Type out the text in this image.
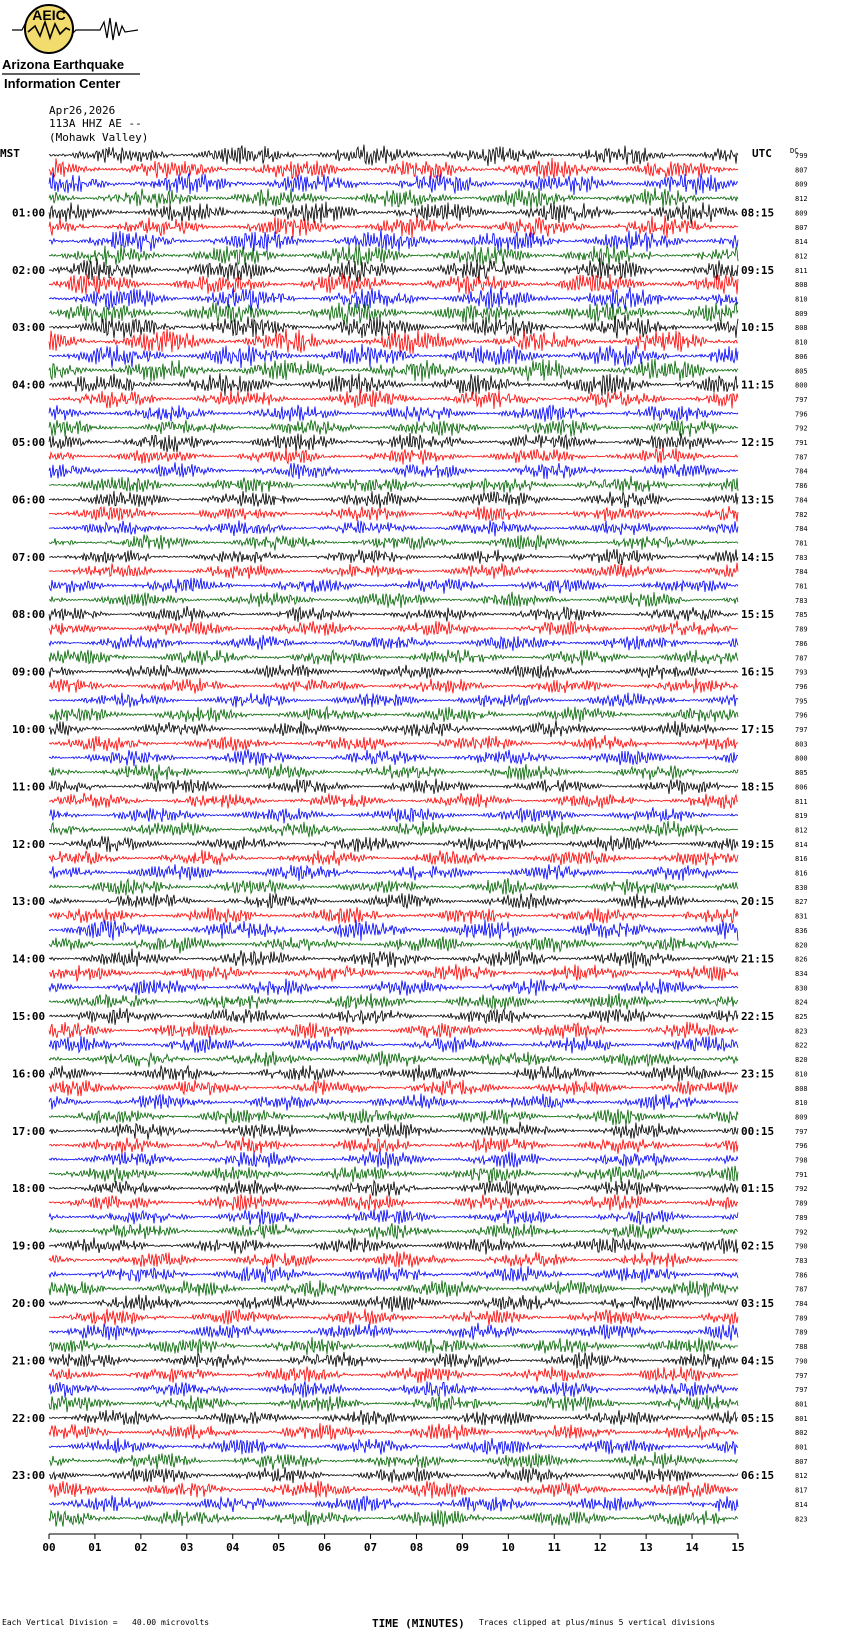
AEIC
Arizona Earthquake
Information Center
Apr26,2026
113A HHZ AE --
(Mohawk Valley)
MST	UTC	DC
01:00
02:00
03:00
04:00
05:00
06:00
07:00
08:00
09:00
10:00
11:00
12:00
13:00
14:00
15:00
16:00
17:00
18:00
19:00
20:00
21:00
22:00
23:00
08:15
09:15
10:15
11:15
12:15
13:15
14:15
15:15
16:15
17:15
18:15
19:15
20:15
21:15
22:15
23:15
00:15
01:15
02:15
03:15
04:15
05:15
06:15
799
807
809
812
809
807
814
812
811
808
810
809
808
810
806
805
800
797
796
792
791
787
784
786
784
782
784
781
783
784
781
783
785
789
786
787
793
796
795
796
797
803
800
805
806
811
819
812
814
816
816
830
827
831
836
820
826
834
830
824
825
823
822
820
810
808
810
809
797
796
798
791
792
789
789
792
790
783
786
787
784
789
789
788
790
797
797
801
801
802
801
807
812
817
814
823
00	01	02	03	04	05	06	07	08	09	10	11	12	13	14	15
TIME (MINUTES)
Each Vertical Division =   40.00 microvolts	Traces clipped at plus/minus 5 vertical divisions
